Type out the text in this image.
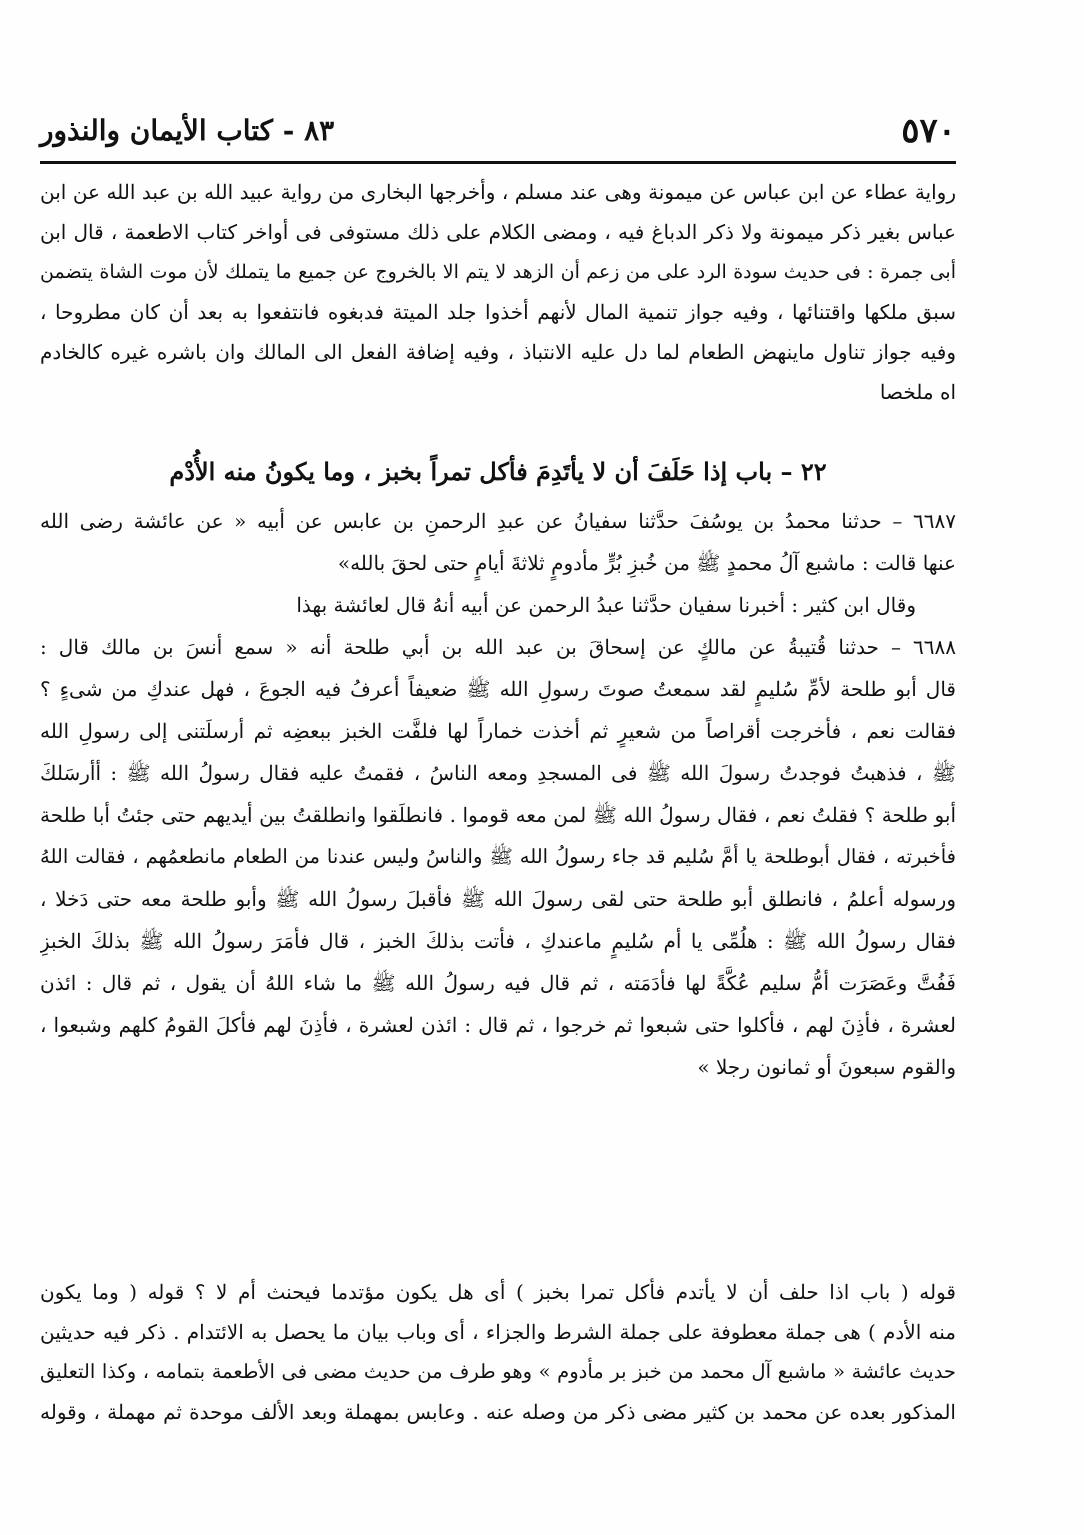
٥٧٠
٨٣ - كتاب الأيمان والنذور
رواية عطاء عن ابن عباس عن ميمونة وهى عند مسلم ، وأخرجها البخارى من رواية عبيد الله بن عبد الله عن ابن
عباس بغير ذكر ميمونة ولا ذكر الدباغ فيه ، ومضى الكلام على ذلك مستوفى فى أواخر كتاب الاطعمة ، قال ابن
أبى جمرة : فى حديث سودة الرد على من زعم أن الزهد لا يتم الا بالخروج عن جميع ما يتملك لأن موت الشاة يتضمن
سبق ملكها واقتنائها ، وفيه جواز تنمية المال لأنهم أخذوا جلد الميتة فدبغوه فانتفعوا به بعد أن كان مطروحا ،
وفيه جواز تناول ماينهض الطعام لما دل عليه الانتباذ ، وفيه إضافة الفعل الى المالك وان باشره غيره كالخادم
اه ملخصا
٢٢ – باب إذا حَلَفَ أن لا يأتَدِمَ فأكل تمراً بخبز ، وما يكونُ منه الأُدْم
٦٦٨٧ – حدثنا محمدُ بن يوسُفَ حدَّثنا سفيانُ عن عبدِ الرحمنِ بن عابس عن أبيه « عن عائشة رضى الله
عنها قالت : ماشبع آلُ محمدٍ ﷺ من خُبزِ بُرٍّ مأدومٍ ثلاثةَ أيامٍ حتى لحقَ بالله»
وقال ابن كثير : أخبرنا سفيان حدَّثنا عبدُ الرحمن عن أبيه أنهُ قال لعائشة بهذا
٦٦٨٨ – حدثنا قُتيبةُ عن مالكٍ عن إسحاقَ بن عبد الله بن أبي طلحة أنه « سمع أنسَ بن مالك قال :
قال أبو طلحة لأمِّ سُليمٍ لقد سمعتُ صوتَ رسولِ الله ﷺ ضعيفاً أعرفُ فيه الجوعَ ، فهل عندكِ من شىءٍ ؟
فقالت نعم ، فأخرجت أقراصاً من شعيرٍ ثم أخذت خماراً لها فلفَّت الخبز ببعضِه ثم أرسلَتنى إلى رسولِ الله
ﷺ ، فذهبتُ فوجدتُ رسولَ الله ﷺ فى المسجدِ ومعه الناسُ ، فقمتُ عليه فقال رسولُ الله ﷺ : أأرسَلكَ
أبو طلحة ؟ فقلتُ نعم ، فقال رسولُ الله ﷺ لمن معه قوموا . فانطلَقوا وانطلقتُ بين أيديهم حتى جئتُ أبا طلحة
فأخبرته ، فقال أبوطلحة يا أمَّ سُليم قد جاء رسولُ الله ﷺ والناسُ وليس عندنا من الطعام مانطعمُهم ، فقالت اللهُ
ورسوله أعلمُ ، فانطلق أبو طلحة حتى لقى رسولَ الله ﷺ فأقبلَ رسولُ الله ﷺ وأبو طلحة معه حتى دَخلا ،
فقال رسولُ الله ﷺ : هلُمِّى يا أم سُليمٍ ماعندكِ ، فأتت بذلكَ الخبز ، قال فأمَرَ رسولُ الله ﷺ بذلكَ الخبزِ
فَفُتَّ وعَصَرَت أمُّ سليم عُكَّةً لها فأدَمَته ، ثم قال فيه رسولُ الله ﷺ ما شاء اللهُ أن يقول ، ثم قال : ائذن
لعشرة ، فأذِنَ لهم ، فأكلوا حتى شبعوا ثم خرجوا ، ثم قال : ائذن لعشرة ، فأذِنَ لهم فأكلَ القومُ كلهم وشبعوا ،
والقوم سبعونَ أو ثمانون رجلا »
قوله ( باب اذا حلف أن لا يأتدم فأكل تمرا بخبز ) أى هل يكون مؤتدما فيحنث أم لا ؟ قوله ( وما يكون
منه الأدم ) هى جملة معطوفة على جملة الشرط والجزاء ، أى وباب بيان ما يحصل به الائتدام . ذكر فيه حديثين
حديث عائشة « ماشبع آل محمد من خبز بر مأدوم » وهو طرف من حديث مضى فى الأطعمة بتمامه ، وكذا التعليق
المذكور بعده عن محمد بن كثير مضى ذكر من وصله عنه . وعابس بمهملة وبعد الألف موحدة ثم مهملة ، وقوله
